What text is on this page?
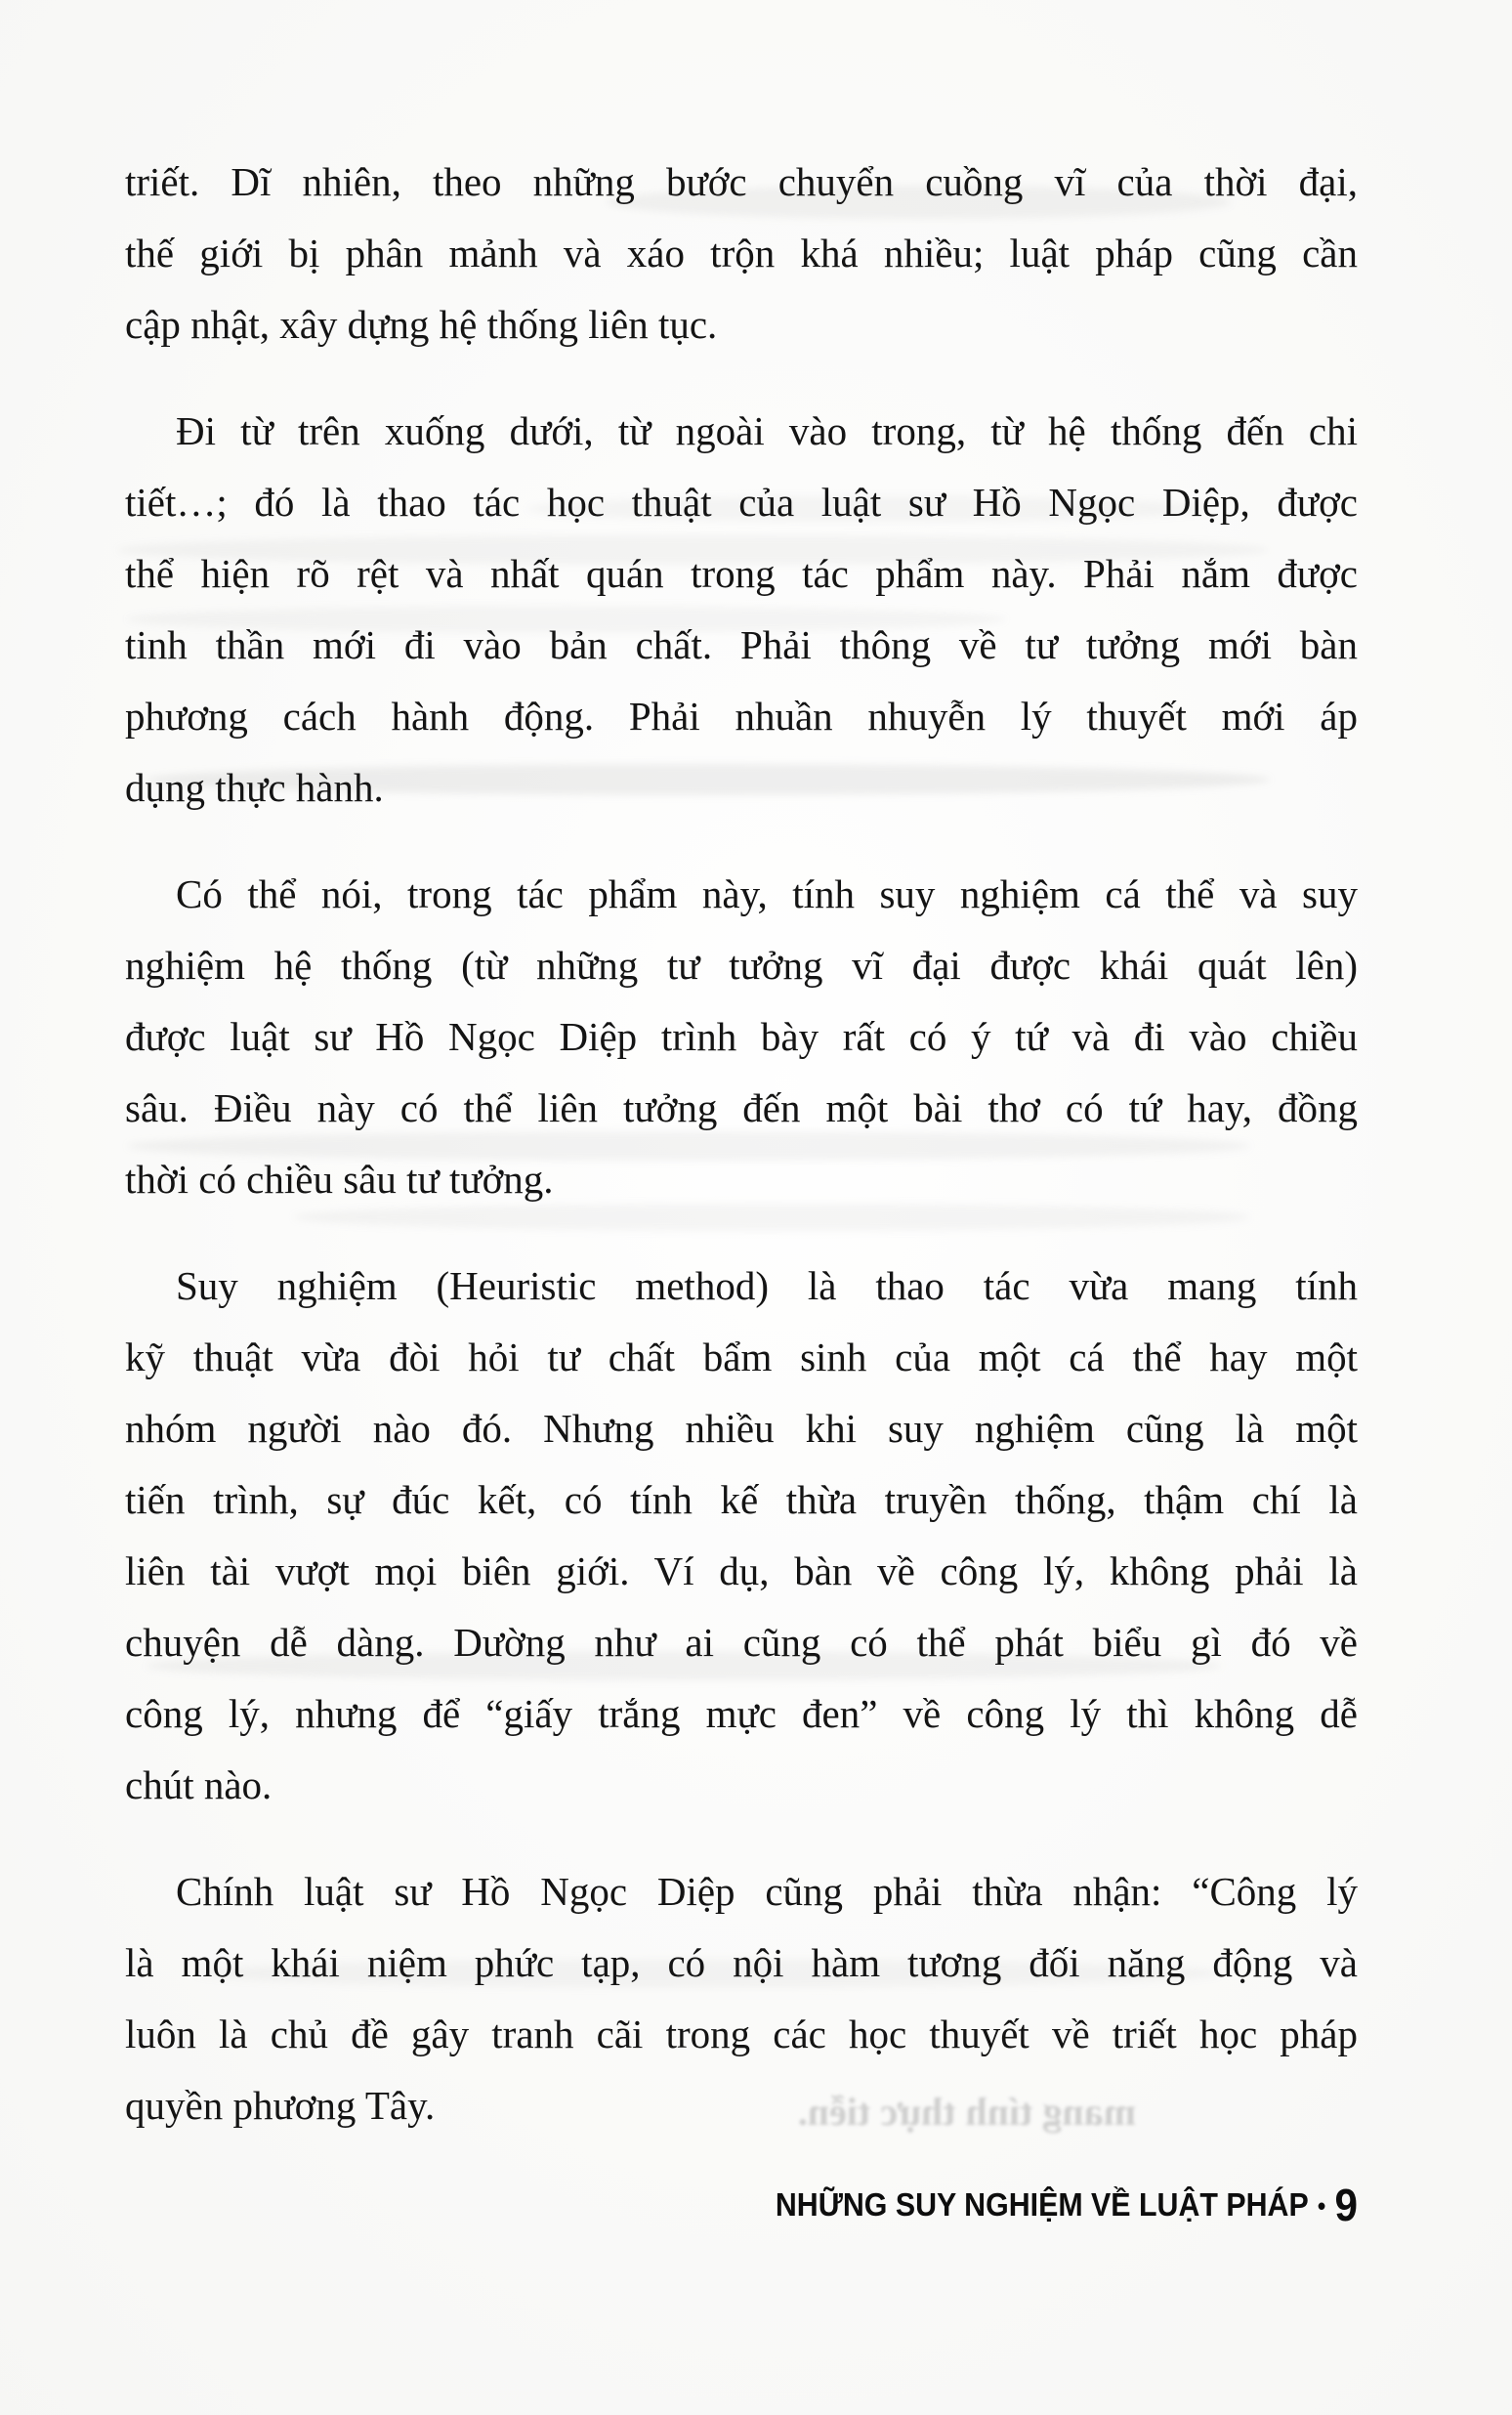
triết. Dĩ nhiên, theo những bước chuyển cuồng vĩ của thời đại,
thế giới bị phân mảnh và xáo trộn khá nhiều; luật pháp cũng cần
cập nhật, xây dựng hệ thống liên tục.
Đi từ trên xuống dưới, từ ngoài vào trong, từ hệ thống đến chi
tiết…; đó là thao tác học thuật của luật sư Hồ Ngọc Diệp, được
thể hiện rõ rệt và nhất quán trong tác phẩm này. Phải nắm được
tinh thần mới đi vào bản chất. Phải thông về tư tưởng mới bàn
phương cách hành động. Phải nhuần nhuyễn lý thuyết mới áp
dụng thực hành.
Có thể nói, trong tác phẩm này, tính suy nghiệm cá thể và suy
nghiệm hệ thống (từ những tư tưởng vĩ đại được khái quát lên)
được luật sư Hồ Ngọc Diệp trình bày rất có ý tứ và đi vào chiều
sâu. Điều này có thể liên tưởng đến một bài thơ có tứ hay, đồng
thời có chiều sâu tư tưởng.
Suy nghiệm (Heuristic method) là thao tác vừa mang tính
kỹ thuật vừa đòi hỏi tư chất bẩm sinh của một cá thể hay một
nhóm người nào đó. Nhưng nhiều khi suy nghiệm cũng là một
tiến trình, sự đúc kết, có tính kế thừa truyền thống, thậm chí là
liên tài vượt mọi biên giới. Ví dụ, bàn về công lý, không phải là
chuyện dễ dàng. Dường như ai cũng có thể phát biểu gì đó về
công lý, nhưng để “giấy trắng mực đen” về công lý thì không dễ
chút nào.
Chính luật sư Hồ Ngọc Diệp cũng phải thừa nhận: “Công lý
là một khái niệm phức tạp, có nội hàm tương đối năng động và
luôn là chủ đề gây tranh cãi trong các học thuyết về triết học pháp
quyền phương Tây.	mang tính thực tiễn.
NHỮNG SUY NGHIỆM VỀ LUẬT PHÁP • 9
